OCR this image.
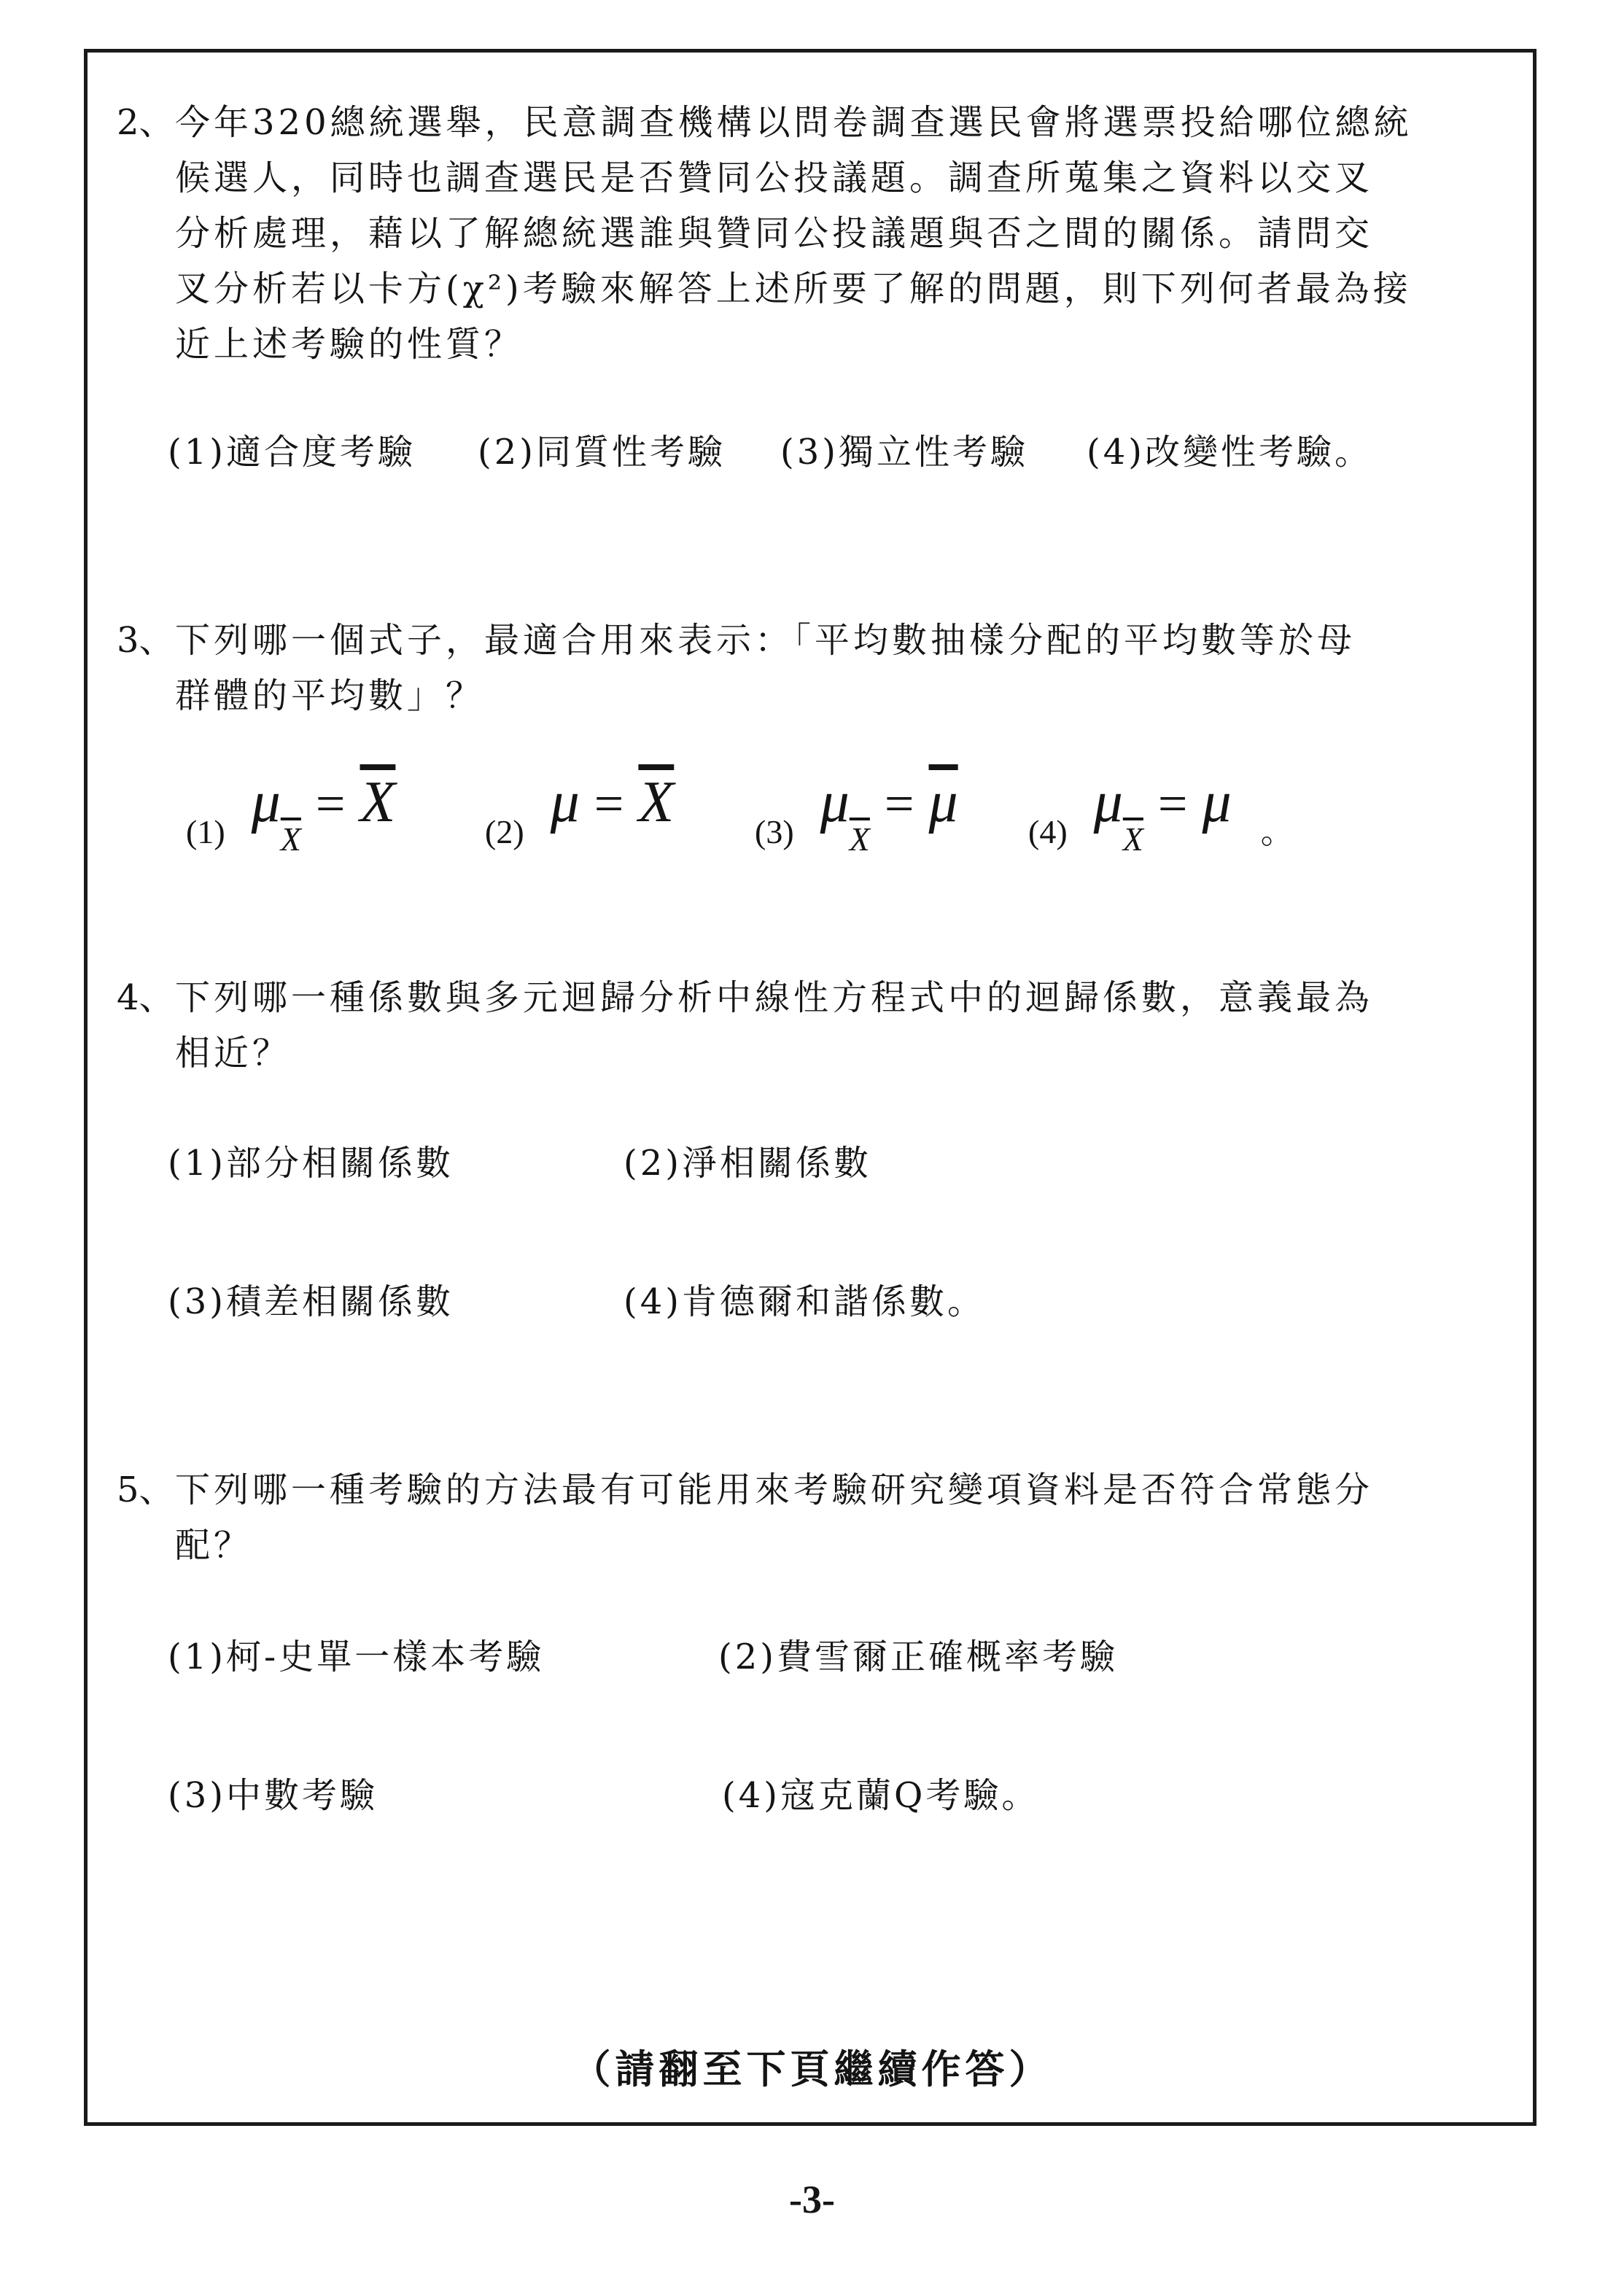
2、 今年320總統選舉，民意調查機構以問卷調查選民會將選票投給哪位總統
候選人，同時也調查選民是否贊同公投議題。調查所蒐集之資料以交叉
分析處理，藉以了解總統選誰與贊同公投議題與否之間的關係。請問交
叉分析若以卡方(χ²)考驗來解答上述所要了解的問題，則下列何者最為接
近上述考驗的性質？
(1)適合度考驗 (2)同質性考驗 (3)獨立性考驗 (4)改變性考驗。
3、 下列哪一個式子，最適合用來表示：「平均數抽樣分配的平均數等於母
群體的平均數」？
(1) $\mu\overline{X}= \overline{X}$	(2) $\mu = \overline{X}$ (3) $\mu\overline{X}= \overline{\mu}$ (4) $\mu\overline{X}= \mu$ 。
4、 下列哪一種係數與多元迴歸分析中線性方程式中的迴歸係數，意義最為
相近？
(1)部分相關係數	(2)淨相關係數
(3)積差相關係數	(4)肯德爾和諧係數。
5、 下列哪一種考驗的方法最有可能用來考驗研究變項資料是否符合常態分
配？
(1)柯-史單一樣本考驗	(2)費雪爾正確概率考驗
(3)中數考驗	(4)寇克蘭Q考驗。
（請翻至下頁繼續作答）
-3-
